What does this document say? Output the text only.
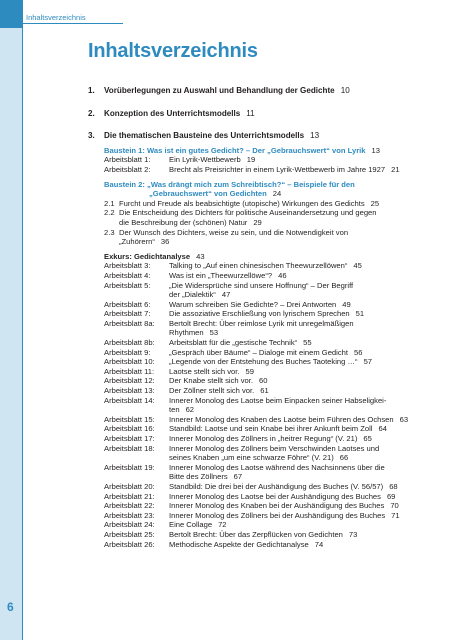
Inhaltsverzeichnis
Inhaltsverzeichnis
1.	Vorüberlegungen zu Auswahl und Behandlung der Gedichte 10
2.	Konzeption des Unterrichtsmodells 11
3.	Die thematischen Bausteine des Unterrichtsmodells 13
Baustein 1: Was ist ein gutes Gedicht? – Der „Gebrauchswert“ von Lyrik 13
Arbeitsblatt 1:	Ein Lyrik-Wettbewerb 19
Arbeitsblatt 2:	Brecht als Preisrichter in einem Lyrik-Wettbewerb im Jahre 1927 21
Baustein 2: „Was drängt mich zum Schreibtisch?“ – Beispiele für den
„Gebrauchswert“ von Gedichten 24
2.1 Furcht und Freude als beabsichtigte (utopische) Wirkungen des Gedichts 25
2.2 Die Entscheidung des Dichters für politische Auseinandersetzung und gegen
die Beschreibung der (schönen) Natur 29
2.3 Der Wunsch des Dichters, weise zu sein, und die Notwendigkeit von
„Zuhörern“ 36
Exkurs: Gedichtanalyse 43
Arbeitsblatt 3:	Talking to „Auf einen chinesischen Theewurzellöwen“ 45
Arbeitsblatt 4:	Was ist ein „Theewurzellöwe“? 46
Arbeitsblatt 5:	„Die Widersprüche sind unsere Hoffnung“ – Der Begriff
der „Dialektik“ 47
Arbeitsblatt 6:	Warum schreiben Sie Gedichte? – Drei Antworten 49
Arbeitsblatt 7:	Die assoziative Erschließung von lyrischem Sprechen 51
Arbeitsblatt 8a:	Bertolt Brecht: Über reimlose Lyrik mit unregelmäßigen
Rhythmen 53
Arbeitsblatt 8b:	Arbeitsblatt für die „gestische Technik“ 55
Arbeitsblatt 9:	„Gespräch über Bäume“ – Dialoge mit einem Gedicht 56
Arbeitsblatt 10:	„Legende von der Entstehung des Buches Taoteking …“ 57
Arbeitsblatt 11:	Laotse stellt sich vor. 59
Arbeitsblatt 12:	Der Knabe stellt sich vor. 60
Arbeitsblatt 13:	Der Zöllner stellt sich vor. 61
Arbeitsblatt 14:	Innerer Monolog des Laotse beim Einpacken seiner Habseligkei-
ten 62
Arbeitsblatt 15:	Innerer Monolog des Knaben des Laotse beim Führen des Ochsen 63
Arbeitsblatt 16:	Standbild: Laotse und sein Knabe bei ihrer Ankunft beim Zoll 64
Arbeitsblatt 17:	Innerer Monolog des Zöllners in „heitrer Regung“ (V. 21) 65
Arbeitsblatt 18:	Innerer Monolog des Zöllners beim Verschwinden Laotses und
seines Knaben „um eine schwarze Föhre“ (V. 21) 66
Arbeitsblatt 19:	Innerer Monolog des Laotse während des Nachsinnens über die
Bitte des Zöllners 67
Arbeitsblatt 20:	Standbild: Die drei bei der Aushändigung des Buches (V. 56/57) 68
Arbeitsblatt 21:	Innerer Monolog des Laotse bei der Aushändigung des Buches 69
Arbeitsblatt 22:	Innerer Monolog des Knaben bei der Aushändigung des Buches 70
Arbeitsblatt 23:	Innerer Monolog des Zöllners bei der Aushändigung des Buches 71
Arbeitsblatt 24:	Eine Collage 72
Arbeitsblatt 25:	Bertolt Brecht: Über das Zerpflücken von Gedichten 73
Arbeitsblatt 26:	Methodische Aspekte der Gedichtanalyse 74
6
